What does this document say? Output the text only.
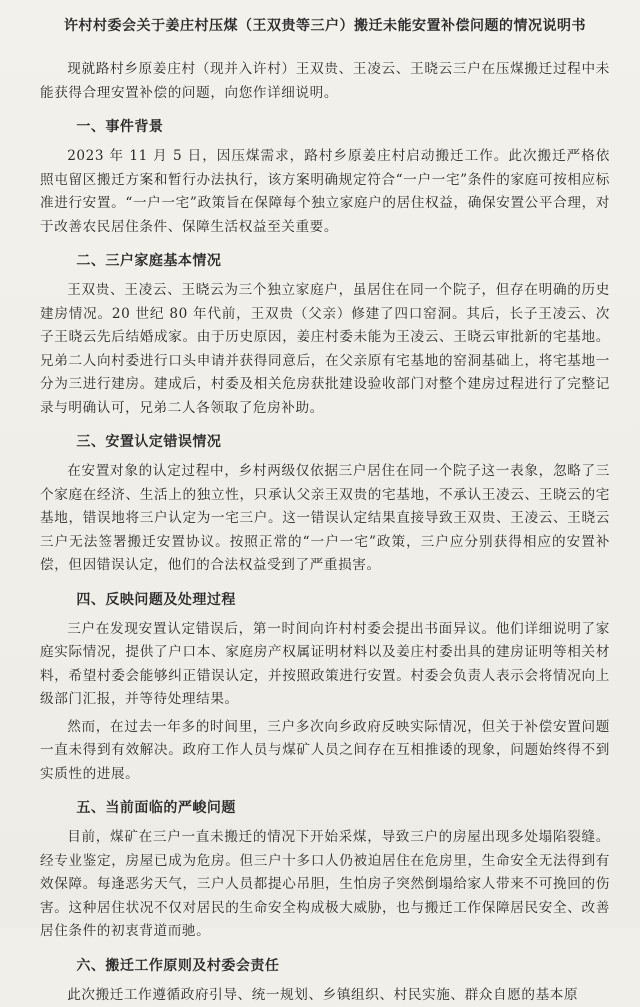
许村村委会关于姜庄村压煤（王双贵等三户）搬迁未能安置补偿问题的情况说明书

现就路村乡原姜庄村（现并入许村）王双贵、王凌云、王晓云三户在压煤搬迁过程中未能获得合理安置补偿的问题，向您作详细说明。

一、事件背景

2023 年 11 月 5 日，因压煤需求，路村乡原姜庄村启动搬迁工作。此次搬迁严格依照屯留区搬迁方案和暂行办法执行，该方案明确规定符合“一户一宅”条件的家庭可按相应标准进行安置。“一户一宅”政策旨在保障每个独立家庭户的居住权益，确保安置公平合理，对于改善农民居住条件、保障生活权益至关重要。

二、三户家庭基本情况

王双贵、王凌云、王晓云为三个独立家庭户，虽居住在同一个院子，但存在明确的历史建房情况。20 世纪 80 年代前，王双贵（父亲）修建了四口窑洞。其后，长子王凌云、次子王晓云先后结婚成家。由于历史原因，姜庄村委未能为王凌云、王晓云审批新的宅基地。兄弟二人向村委进行口头申请并获得同意后，在父亲原有宅基地的窑洞基础上，将宅基地一分为三进行建房。建成后，村委及相关危房获批建设验收部门对整个建房过程进行了完整记录与明确认可，兄弟二人各领取了危房补助。

三、安置认定错误情况

在安置对象的认定过程中，乡村两级仅依据三户居住在同一个院子这一表象，忽略了三个家庭在经济、生活上的独立性，只承认父亲王双贵的宅基地，不承认王凌云、王晓云的宅基地，错误地将三户认定为一宅三户。这一错误认定结果直接导致王双贵、王凌云、王晓云三户无法签署搬迁安置协议。按照正常的“一户一宅”政策，三户应分别获得相应的安置补偿，但因错误认定，他们的合法权益受到了严重损害。

四、反映问题及处理过程

三户在发现安置认定错误后，第一时间向许村村委会提出书面异议。他们详细说明了家庭实际情况，提供了户口本、家庭房产权属证明材料以及姜庄村委出具的建房证明等相关材料，希望村委会能够纠正错误认定，并按照政策进行安置。村委会负责人表示会将情况向上级部门汇报，并等待处理结果。

然而，在过去一年多的时间里，三户多次向乡政府反映实际情况，但关于补偿安置问题一直未得到有效解决。政府工作人员与煤矿人员之间存在互相推诿的现象，问题始终得不到实质性的进展。

五、当前面临的严峻问题

目前，煤矿在三户一直未搬迁的情况下开始采煤，导致三户的房屋出现多处塌陷裂缝。经专业鉴定，房屋已成为危房。但三户十多口人仍被迫居住在危房里，生命安全无法得到有效保障。每逢恶劣天气，三户人员都提心吊胆，生怕房子突然倒塌给家人带来不可挽回的伤害。这种居住状况不仅对居民的生命安全构成极大威胁，也与搬迁工作保障居民安全、改善居住条件的初衷背道而驰。

六、搬迁工作原则及村委会责任

此次搬迁工作遵循政府引导、统一规划、乡镇组织、村民实施、群众自愿的基本原
